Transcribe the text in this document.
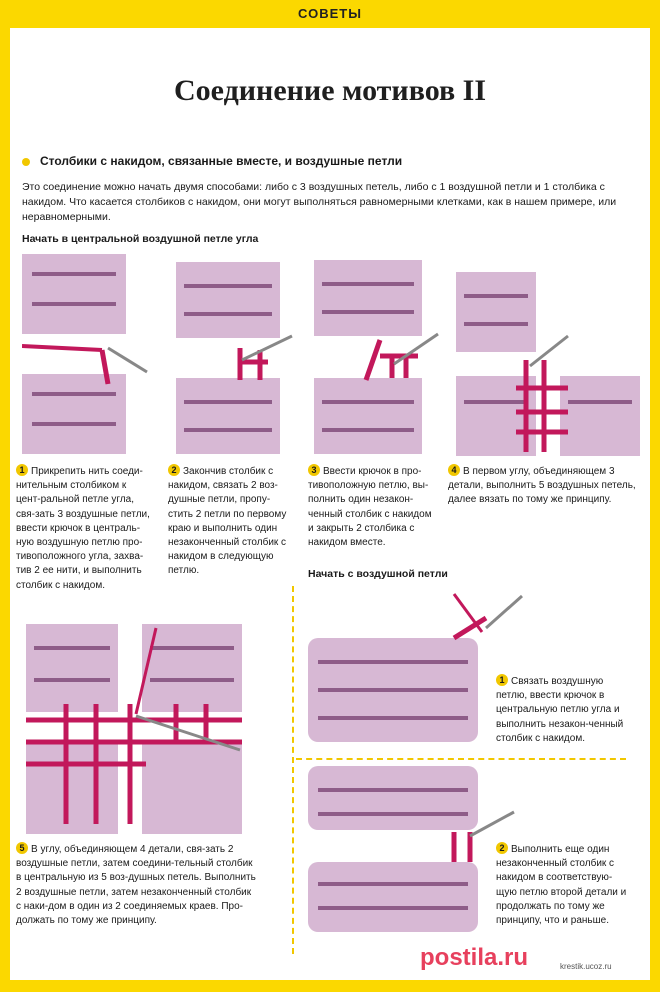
СОВЕТЫ
Соединение мотивов II
Столбики с накидом, связанные вместе, и воздушные петли
Это соединение можно начать двумя способами: либо с 3 воздушных петель, либо с 1 воздушной петли и 1 столбика с накидом. Что касается столбиков с накидом, они могут выполняться равномерными клетками, как в нашем примере, или неравномерными.
Начать в центральной воздушной петле угла
1 Прикрепить нить соеди-нительным столбиком к цент-ральной петле угла, свя-зать 3 воздушные петли, ввести крючок в централь-ную воздушную петлю про-тивоположного угла, захва-тив 2 ее нити, и выполнить столбик с накидом.
2 Закончив столбик с накидом, связать 2 воз-душные петли, пропу-стить 2 петли по первому краю и выполнить один незаконченный столбик с накидом в следующую петлю.
3 Ввести крючок в про-тивоположную петлю, вы-полнить один незакон-ченный столбик с накидом и закрыть 2 столбика с накидом вместе.
4 В первом углу, объединяющем 3 детали, выполнить 5 воздушных петель, далее вязать по тому же принципу.
Начать с воздушной петли
5 В углу, объединяющем 4 детали, свя-зать 2 воздушные петли, затем соедини-тельный столбик в центральную из 5 воз-душных петель. Выполнить 2 воздушные петли, затем незаконченный столбик с наки-дом в один из 2 соединяемых краев. Про-должать по тому же принципу.
1 Связать воздушную петлю, ввести крючок в центральную петлю угла и выполнить незакон-ченный столбик с накидом.
2 Выполнить еще один незаконченный столбик с накидом в соответствую-щую петлю второй детали и продолжать по тому же принципу, что и раньше.
postila.ru	krestik.ucoz.ru
